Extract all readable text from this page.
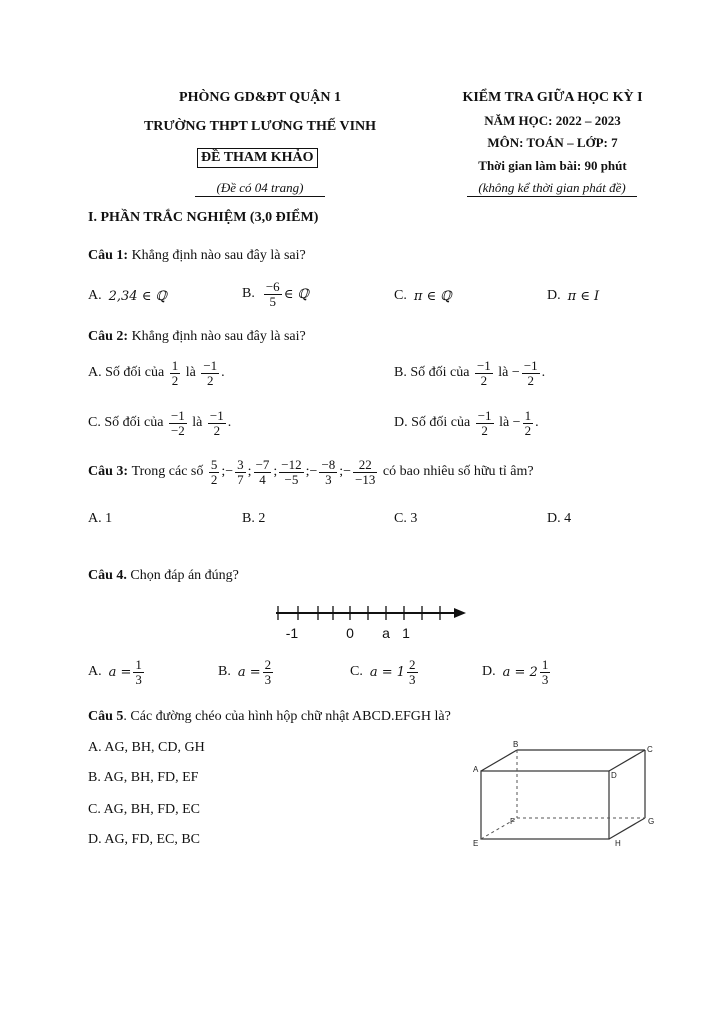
PHÒNG GD&ĐT QUẬN 1
TRƯỜNG THPT LƯƠNG THẾ VINH
ĐỀ THAM KHẢO
(Đề có 04 trang)
KIỂM TRA GIỮA HỌC KỲ I
NĂM HỌC: 2022 – 2023
MÔN: TOÁN – LỚP: 7
Thời gian làm bài: 90 phút
(không kể thời gian phát đề)
I. PHẦN TRẮC NGHIỆM (3,0 ĐIỂM)
Câu 1:
Khẳng định nào sau đây là sai?
A.
2,34 ∈ ℚ	B.
$\frac{-6}{5}$ ∈ ℚ	C.
π ∈ ℚ	D.
π ∈ I
Câu 2:
Khẳng định nào sau đây là sai?
A. Số đối của
$\frac{1}{2}$
là
$\frac{-1}{2}$ .	B. Số đối của
$\frac{-1}{2}$
là
− $\frac{-1}{2}$ .
C. Số đối của
$\frac{-1}{-2}$
là
$\frac{-1}{2}$ .	D. Số đối của
$\frac{-1}{2}$
là
− $\frac{1}{2}$ .
Câu 3:
Trong các số
$\frac{5}{2}$ ;− $\frac{3}{7}$ ; $\frac{-7}{4}$ ; $\frac{-12}{-5}$ ;− $\frac{-8}{3}$ ;− $\frac{22}{-13}$
có bao nhiêu số hữu tỉ âm?
A. 1	B. 2	C. 3	D. 4
Câu 4.
Chọn đáp án đúng?
-1	0 a 1
A.
$a = \frac{1}{3}$	B.
$a = \frac{2}{3}$	C.
$a = 1 \frac{2}{3}$	D.
$a = 2 \frac{1}{3}$
Câu 5 . Các đường chéo của hình hộp chữ nhật ABCD.EFGH là?
A. AG, BH, CD, GH
B. AG, BH, FD, EF
C. AG, BH, FD, EC
D. AG, FD, EC, BC
A
B
C
D
E
F	G
H
